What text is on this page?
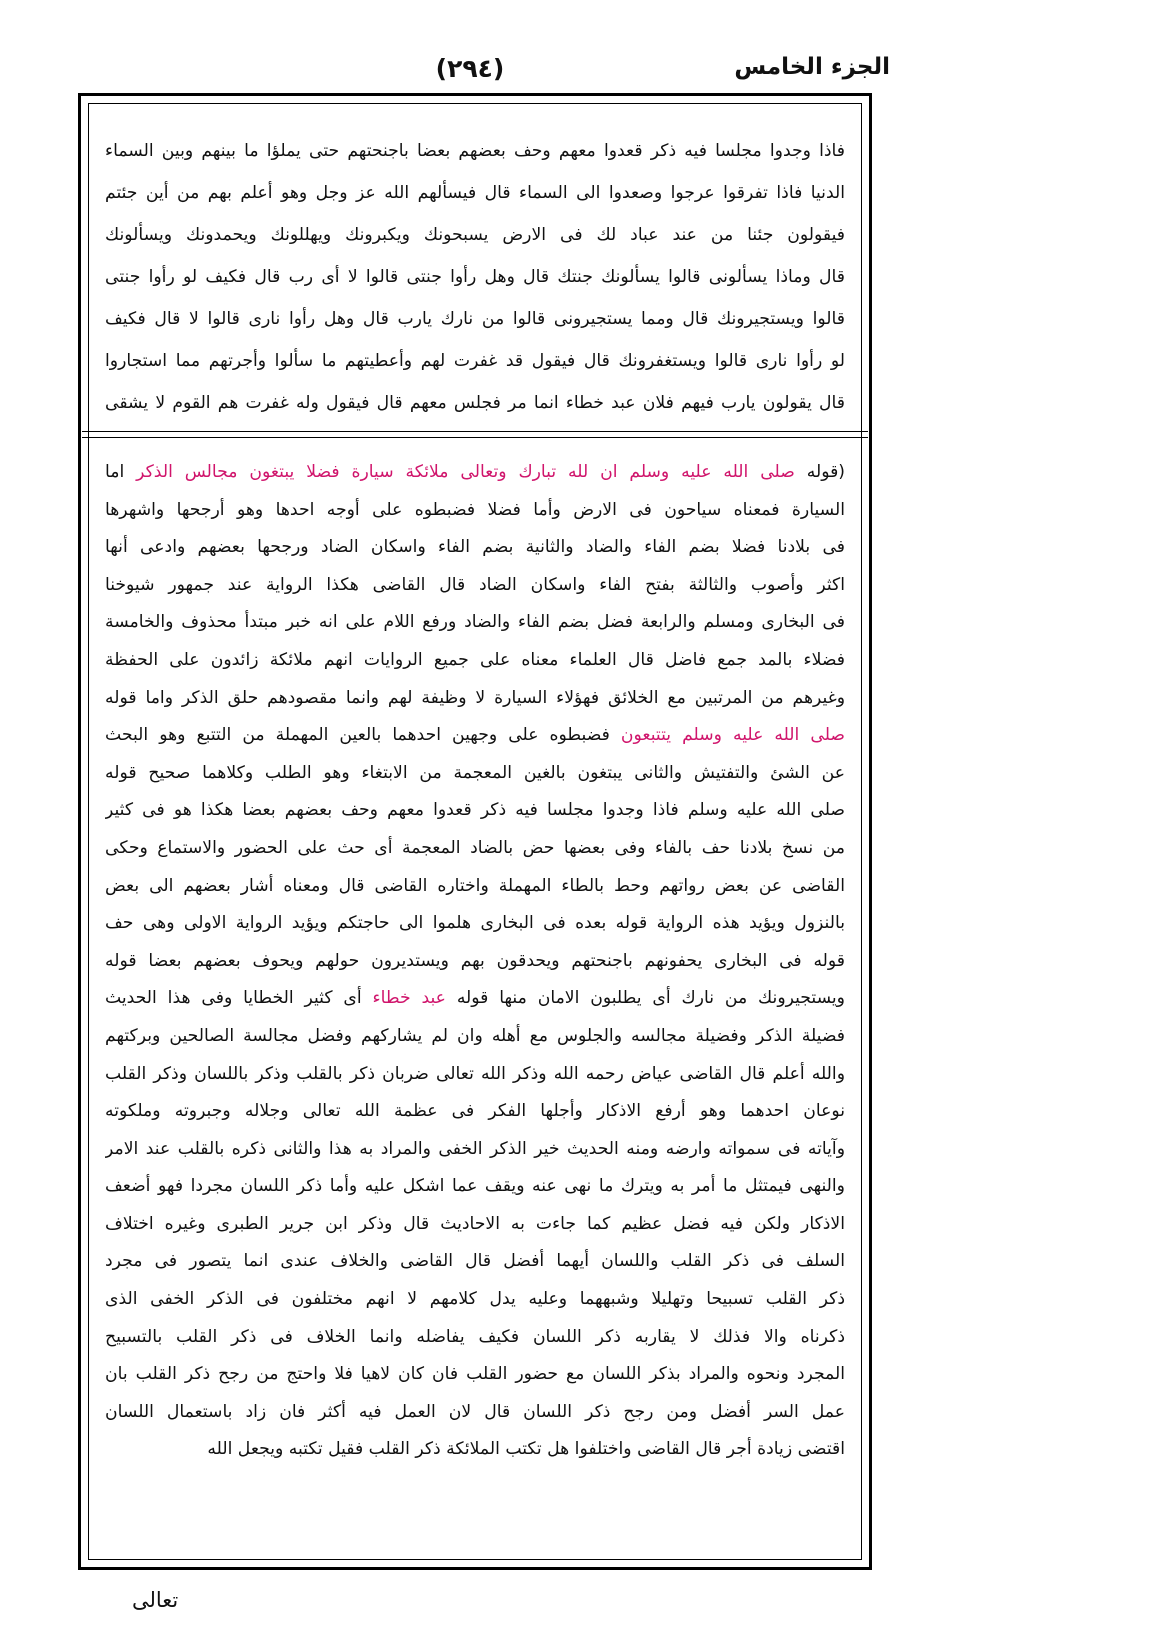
الجزء الخامس
(٢٩٤)
فاذا وجدوا مجلسا فيه ذكر قعدوا معهم وحف بعضهم بعضا باجنحتهم حتى يملؤا ما بينهم وبين السماء
الدنيا فاذا تفرقوا عرجوا وصعدوا الى السماء قال فيسألهم الله عز وجل وهو أعلم بهم من أين جئتم
فيقولون جئنا من عند عباد لك فى الارض يسبحونك ويكبرونك ويهللونك ويحمدونك ويسألونك
قال وماذا يسألونى قالوا يسألونك جنتك قال وهل رأوا جنتى قالوا لا أى رب قال فكيف لو رأوا جنتى
قالوا ويستجيرونك قال ومما يستجيرونى قالوا من نارك يارب قال وهل رأوا نارى قالوا لا قال فكيف
لو رأوا نارى قالوا ويستغفرونك قال فيقول قد غفرت لهم وأعطيتهم ما سألوا وأجرتهم مما استجاروا
قال يقولون يارب فيهم فلان عبد خطاء انما مر فجلس معهم قال فيقول وله غفرت هم القوم لا يشقى
(قوله صلى الله عليه وسلم ان لله تبارك وتعالى ملائكة سيارة فضلا يبتغون مجالس الذكر اما
السيارة فمعناه سياحون فى الارض وأما فضلا فضبطوه على أوجه احدها وهو أرجحها واشهرها
فى بلادنا فضلا بضم الفاء والضاد والثانية بضم الفاء واسكان الضاد ورجحها بعضهم وادعى أنها
اكثر وأصوب والثالثة بفتح الفاء واسكان الضاد قال القاضى هكذا الرواية عند جمهور شيوخنا
فى البخارى ومسلم والرابعة فضل بضم الفاء والضاد ورفع اللام على انه خبر مبتدأ محذوف والخامسة
فضلاء بالمد جمع فاضل قال العلماء معناه على جميع الروايات انهم ملائكة زائدون على الحفظة
وغيرهم من المرتبين مع الخلائق فهؤلاء السيارة لا وظيفة لهم وانما مقصودهم حلق الذكر واما قوله
صلى الله عليه وسلم يتتبعون فضبطوه على وجهين احدهما بالعين المهملة من التتبع وهو البحث
عن الشئ والتفتيش والثانى يبتغون بالغين المعجمة من الابتغاء وهو الطلب وكلاهما صحيح قوله
صلى الله عليه وسلم فاذا وجدوا مجلسا فيه ذكر قعدوا معهم وحف بعضهم بعضا هكذا هو فى كثير
من نسخ بلادنا حف بالفاء وفى بعضها حض بالضاد المعجمة أى حث على الحضور والاستماع وحكى
القاضى عن بعض رواتهم وحط بالطاء المهملة واختاره القاضى قال ومعناه أشار بعضهم الى بعض
بالنزول ويؤيد هذه الرواية قوله بعده فى البخارى هلموا الى حاجتكم ويؤيد الرواية الاولى وهى حف
قوله فى البخارى يحفونهم باجنحتهم ويحدقون بهم ويستديرون حولهم ويحوف بعضهم بعضا قوله
ويستجيرونك من نارك أى يطلبون الامان منها قوله عبد خطاء أى كثير الخطايا وفى هذا الحديث
فضيلة الذكر وفضيلة مجالسه والجلوس مع أهله وان لم يشاركهم وفضل مجالسة الصالحين وبركتهم
والله أعلم قال القاضى عياض رحمه الله وذكر الله تعالى ضربان ذكر بالقلب وذكر باللسان وذكر القلب
نوعان احدهما وهو أرفع الاذكار وأجلها الفكر فى عظمة الله تعالى وجلاله وجبروته وملكوته
وآياته فى سمواته وارضه ومنه الحديث خير الذكر الخفى والمراد به هذا والثانى ذكره بالقلب عند الامر
والنهى فيمتثل ما أمر به ويترك ما نهى عنه ويقف عما اشكل عليه وأما ذكر اللسان مجردا فهو أضعف
الاذكار ولكن فيه فضل عظيم كما جاءت به الاحاديث قال وذكر ابن جرير الطبرى وغيره اختلاف
السلف فى ذكر القلب واللسان أيهما أفضل قال القاضى والخلاف عندى انما يتصور فى مجرد
ذكر القلب تسبيحا وتهليلا وشبههما وعليه يدل كلامهم لا انهم مختلفون فى الذكر الخفى الذى
ذكرناه والا فذلك لا يقاربه ذكر اللسان فكيف يفاضله وانما الخلاف فى ذكر القلب بالتسبيح
المجرد ونحوه والمراد بذكر اللسان مع حضور القلب فان كان لاهيا فلا واحتج من رجح ذكر القلب بان
عمل السر أفضل ومن رجح ذكر اللسان قال لان العمل فيه أكثر فان زاد باستعمال اللسان
اقتضى زيادة أجر قال القاضى واختلفوا هل تكتب الملائكة ذكر القلب فقيل تكتبه ويجعل الله
تعالى
